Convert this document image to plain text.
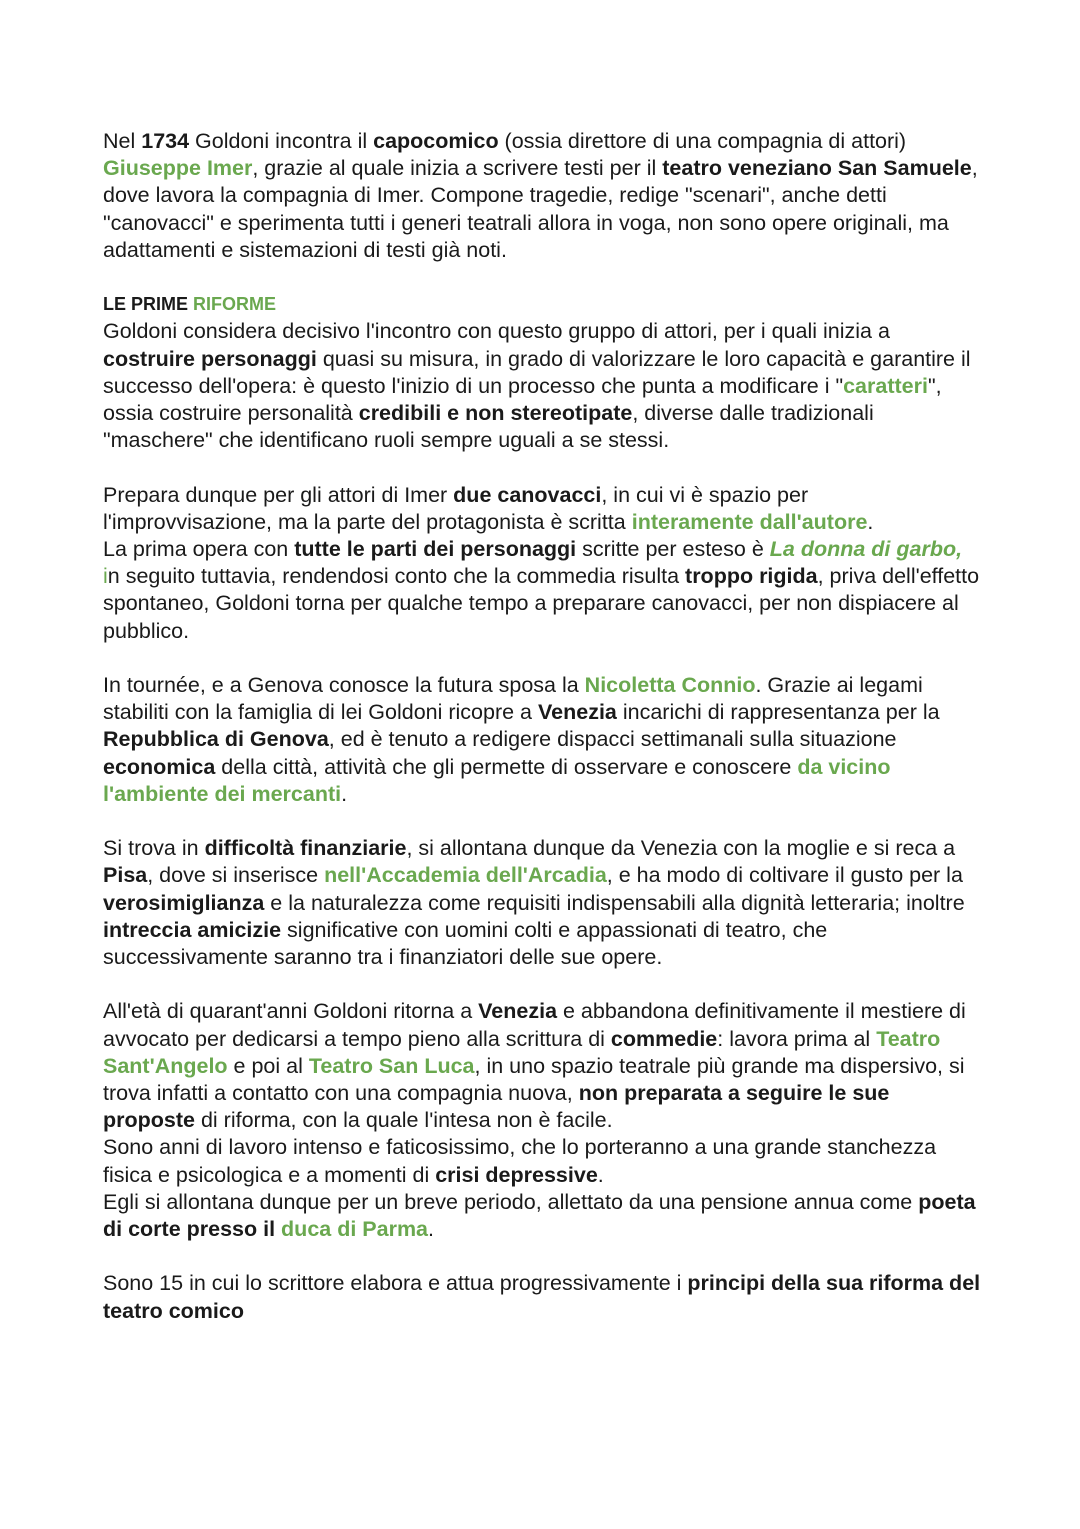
Nel 1734 Goldoni incontra il capocomico (ossia direttore di una compagnia di attori) Giuseppe Imer, grazie al quale inizia a scrivere testi per il teatro veneziano San Samuele, dove lavora la compagnia di Imer. Compone tragedie, redige "scenari", anche detti "canovacci" e sperimenta tutti i generi teatrali allora in voga, non sono opere originali, ma adattamenti e sistemazioni di testi già noti.

LE PRIME RIFORME

Goldoni considera decisivo l'incontro con questo gruppo di attori, per i quali inizia a costruire personaggi quasi su misura, in grado di valorizzare le loro capacità e garantire il successo dell'opera: è questo l'inizio di un processo che punta a modificare i "caratteri", ossia costruire personalità credibili e non stereotipate, diverse dalle tradizionali
"maschere" che identificano ruoli sempre uguali a se stessi.

Prepara dunque per gli attori di Imer due canovacci, in cui vi è spazio per l'improvvisazione, ma la parte del protagonista è scritta interamente dall'autore.
La prima opera con tutte le parti dei personaggi scritte per esteso è La donna di garbo, in seguito tuttavia, rendendosi conto che la commedia risulta troppo rigida, priva dell'effetto spontaneo, Goldoni torna per qualche tempo a preparare canovacci, per non dispiacere al pubblico.

In tournée, e a Genova conosce la futura sposa la Nicoletta Connio. Grazie ai legami stabiliti con la famiglia di lei Goldoni ricopre a Venezia incarichi di rappresentanza per la Repubblica di Genova, ed è tenuto a redigere dispacci settimanali sulla situazione economica della città, attività che gli permette di osservare e conoscere da vicino l'ambiente dei mercanti.

Si trova in difficoltà finanziarie, si allontana dunque da Venezia con la moglie e si reca a Pisa, dove si inserisce nell'Accademia dell'Arcadia, e ha modo di coltivare il gusto per la verosimiglianza e la naturalezza come requisiti indispensabili alla dignità letteraria; inoltre intreccia amicizie significative con uomini colti e appassionati di teatro, che successivamente saranno tra i finanziatori delle sue opere.

All'età di quarant'anni Goldoni ritorna a Venezia e abbandona definitivamente il mestiere di avvocato per dedicarsi a tempo pieno alla scrittura di commedie: lavora prima al Teatro Sant'Angelo e poi al Teatro San Luca, in uno spazio teatrale più grande ma dispersivo, si trova infatti a contatto con una compagnia nuova, non preparata a seguire le sue proposte di riforma, con la quale l'intesa non è facile.
Sono anni di lavoro intenso e faticosissimo, che lo porteranno a una grande stanchezza fisica e psicologica e a momenti di crisi depressive.
Egli si allontana dunque per un breve periodo, allettato da una pensione annua come poeta di corte presso il duca di Parma.

Sono 15 in cui lo scrittore elabora e attua progressivamente i principi della sua riforma del teatro comico
